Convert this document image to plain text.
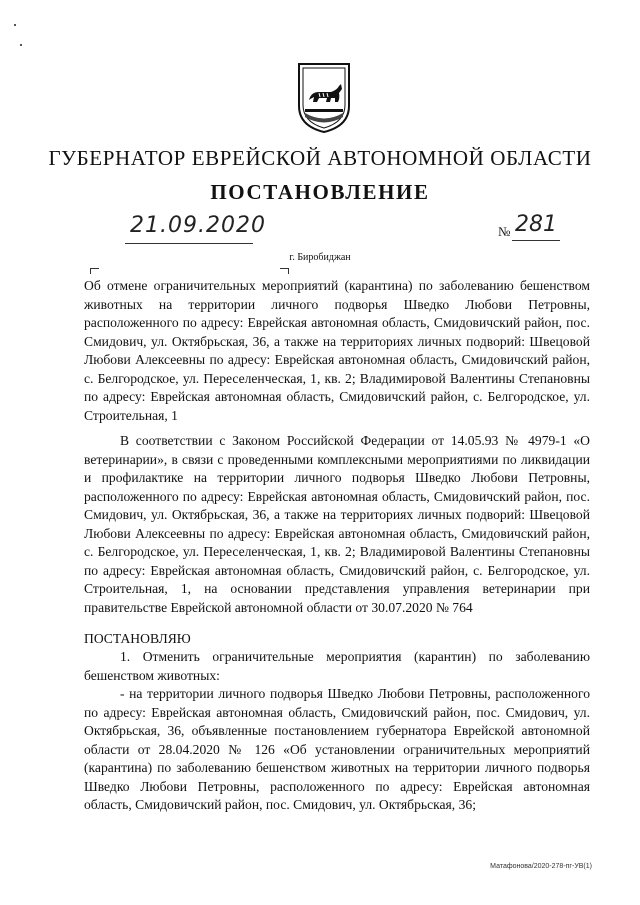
ГУБЕРНАТОР ЕВРЕЙСКОЙ АВТОНОМНОЙ ОБЛАСТИ
ПОСТАНОВЛЕНИЕ
21.09.2020	№ 281
г. Биробиджан

Об отмене ограничительных мероприятий (карантина) по заболеванию бешенством животных на территории личного подворья Шведко Любови Петровны, расположенного по адресу: Еврейская автономная область, Смидовичский район, пос. Смидович, ул. Октябрьская, 36, а также на территориях личных подворий: Швецовой Любови Алексеевны по адресу: Еврейская автономная область, Смидовичский район, с. Белгородское, ул. Переселенческая, 1, кв. 2; Владимировой Валентины Степановны по адресу: Еврейская автономная область, Смидовичский район, с. Белгородское, ул. Строительная, 1

В соответствии с Законом Российской Федерации от 14.05.93 № 4979-1 «О ветеринарии», в связи с проведенными комплексными мероприятиями по ликвидации и профилактике на территории личного подворья Шведко Любови Петровны, расположенного по адресу: Еврейская автономная область, Смидовичский район, пос. Смидович, ул. Октябрьская, 36, а также на территориях личных подворий: Швецовой Любови Алексеевны по адресу: Еврейская автономная область, Смидовичский район, с. Белгородское, ул. Переселенческая, 1, кв. 2; Владимировой Валентины Степановны по адресу: Еврейская автономная область, Смидовичский район, с. Белгородское, ул. Строительная, 1, на основании представления управления ветеринарии при правительстве Еврейской автономной области от 30.07.2020 № 764

ПОСТАНОВЛЯЮ

1. Отменить ограничительные мероприятия (карантин) по заболеванию бешенством животных:

- на территории личного подворья Шведко Любови Петровны, расположенного по адресу: Еврейская автономная область, Смидовичский район, пос. Смидович, ул. Октябрьская, 36, объявленные постановлением губернатора Еврейской автономной области от 28.04.2020 № 126 «Об установлении ограничительных мероприятий (карантина) по заболеванию бешенством животных на территории личного подворья Шведко Любови Петровны, расположенного по адресу: Еврейская автономная область, Смидовичский район, пос. Смидович, ул. Октябрьская, 36;

Матафонова/2020-278-пг-УВ(1)
